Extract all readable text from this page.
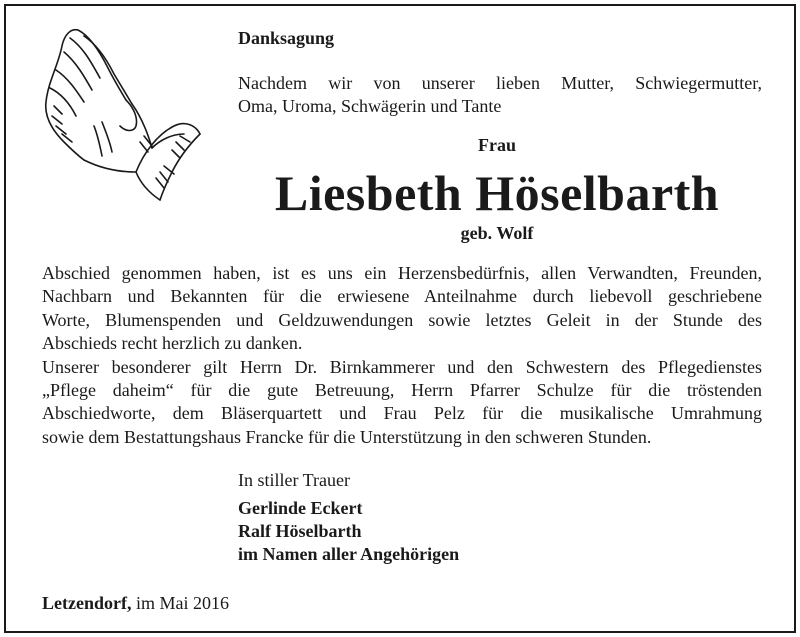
Danksagung
Nachdem wir von unserer lieben Mutter, Schwiegermutter,
Oma, Uroma, Schwägerin und Tante
Frau
Liesbeth Höselbarth
geb. Wolf
Abschied genommen haben, ist es uns ein Herzensbedürfnis, allen Verwandten, Freunden,
Nachbarn und Bekannten für die erwiesene Anteilnahme durch liebevoll geschriebene
Worte, Blumenspenden und Geldzuwendungen sowie letztes Geleit in der Stunde des
Abschieds recht herzlich zu danken.
Unserer besonderer gilt Herrn Dr. Birnkammerer und den Schwestern des Pflegedienstes
„Pflege daheim“ für die gute Betreuung, Herrn Pfarrer Schulze für die tröstenden
Abschiedworte, dem Bläserquartett und Frau Pelz für die musikalische Umrahmung
sowie dem Bestattungshaus Francke für die Unterstützung in den schweren Stunden.
In stiller Trauer
Gerlinde Eckert
Ralf Höselbarth
im Namen aller Angehörigen
Letzendorf, im Mai 2016
